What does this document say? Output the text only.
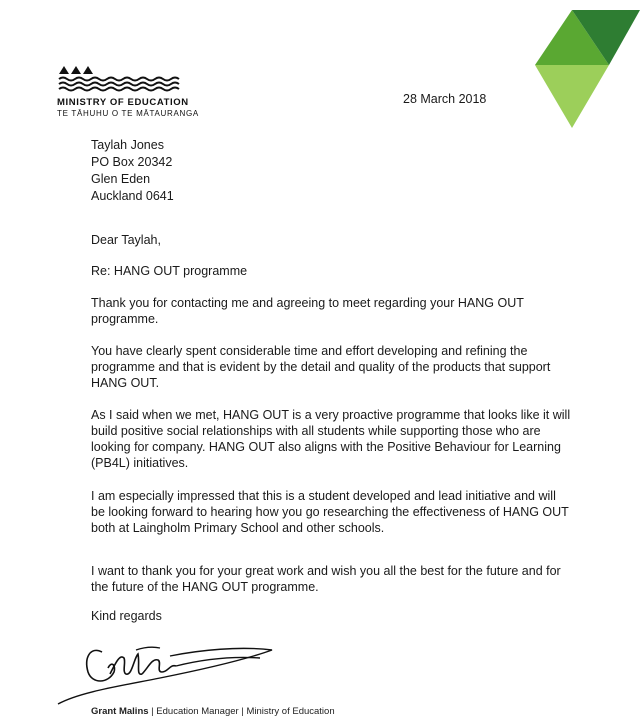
MINISTRY OF EDUCATION
TE TĀHUHU O TE MĀTAURANGA
28 March 2018
Taylah Jones
PO Box 20342
Glen Eden
Auckland 0641
Dear Taylah,
Re: HANG OUT programme
Thank you for contacting me and agreeing to meet regarding your HANG OUT programme.
You have clearly spent considerable time and effort developing and refining the programme and that is evident by the detail and quality of the products that support HANG OUT.
As I said when we met, HANG OUT is a very proactive programme that looks like it will build positive social relationships with all students while supporting those who are looking for company. HANG OUT also aligns with the Positive Behaviour for Learning (PB4L) initiatives.
I am especially impressed that this is a student developed and lead initiative and will be looking forward to hearing how you go researching the effectiveness of HANG OUT both at Laingholm Primary School and other schools.
I want to thank you for your great work and wish you all the best for the future and for the future of the HANG OUT programme.
Kind regards
Grant Malins | Education Manager | Ministry of Education
